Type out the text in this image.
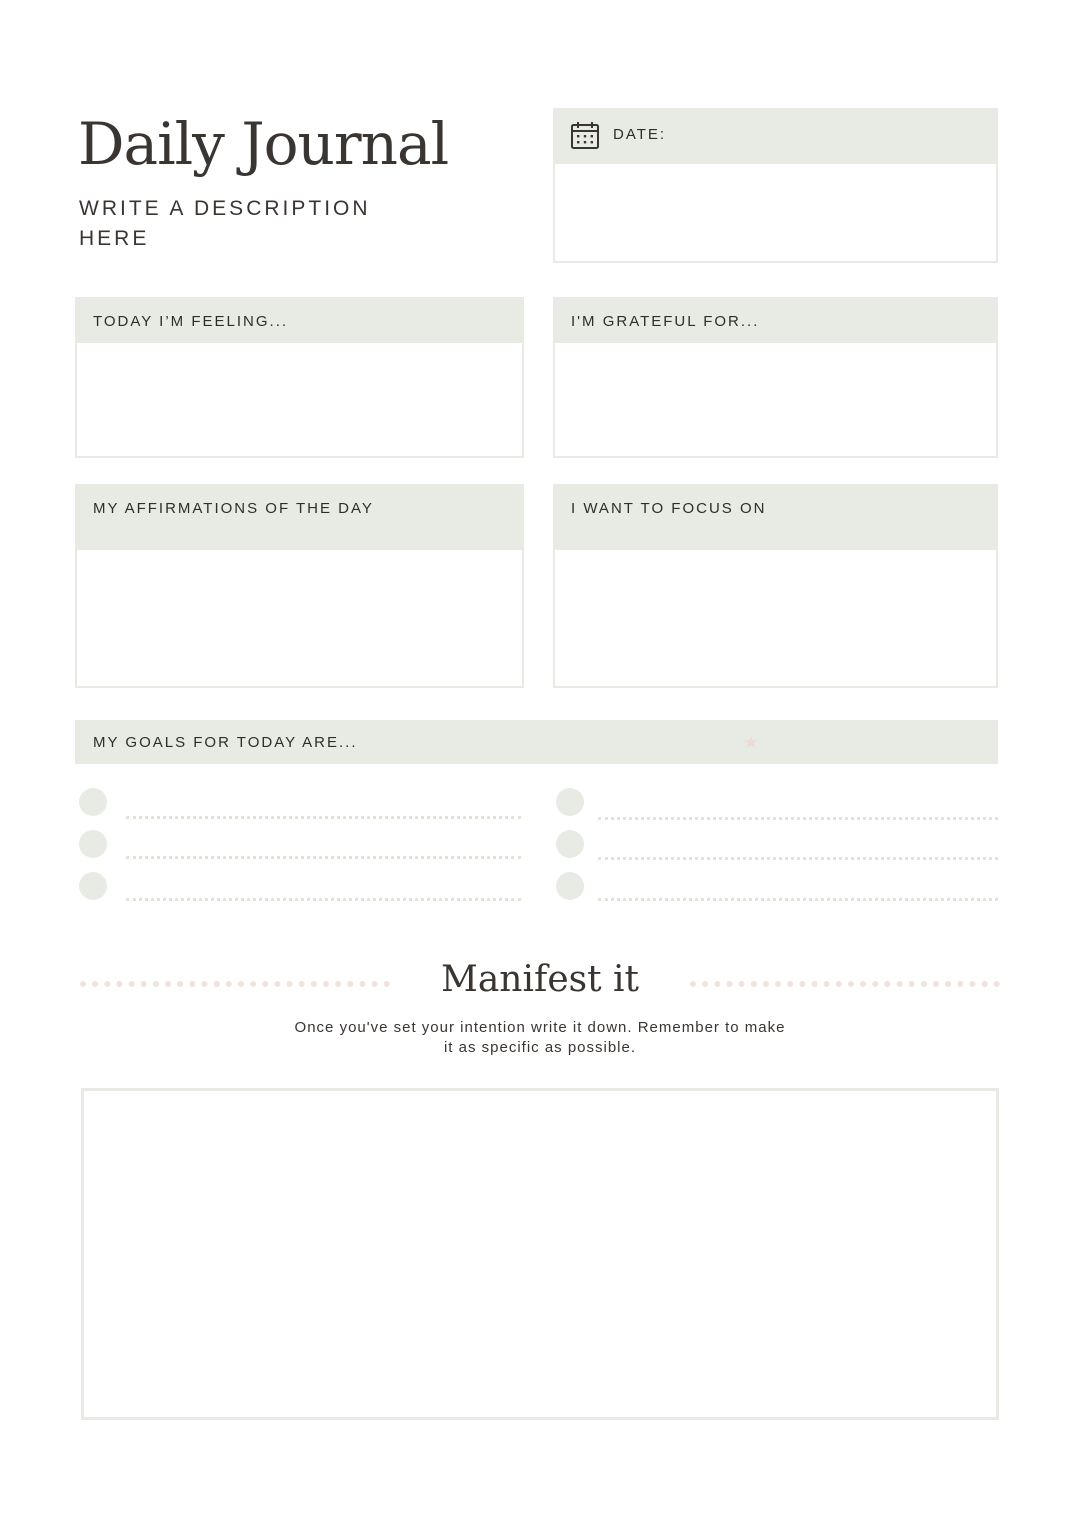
Daily Journal
WRITE A DESCRIPTION HERE
DATE:
TODAY I’M FEELING...	I'M GRATEFUL FOR...
MY AFFIRMATIONS OF THE DAY	I WANT TO FOCUS ON
MY GOALS FOR TODAY ARE...	★
Manifest it
Once you've set your intention write it down. Remember to make it as specific as possible.
